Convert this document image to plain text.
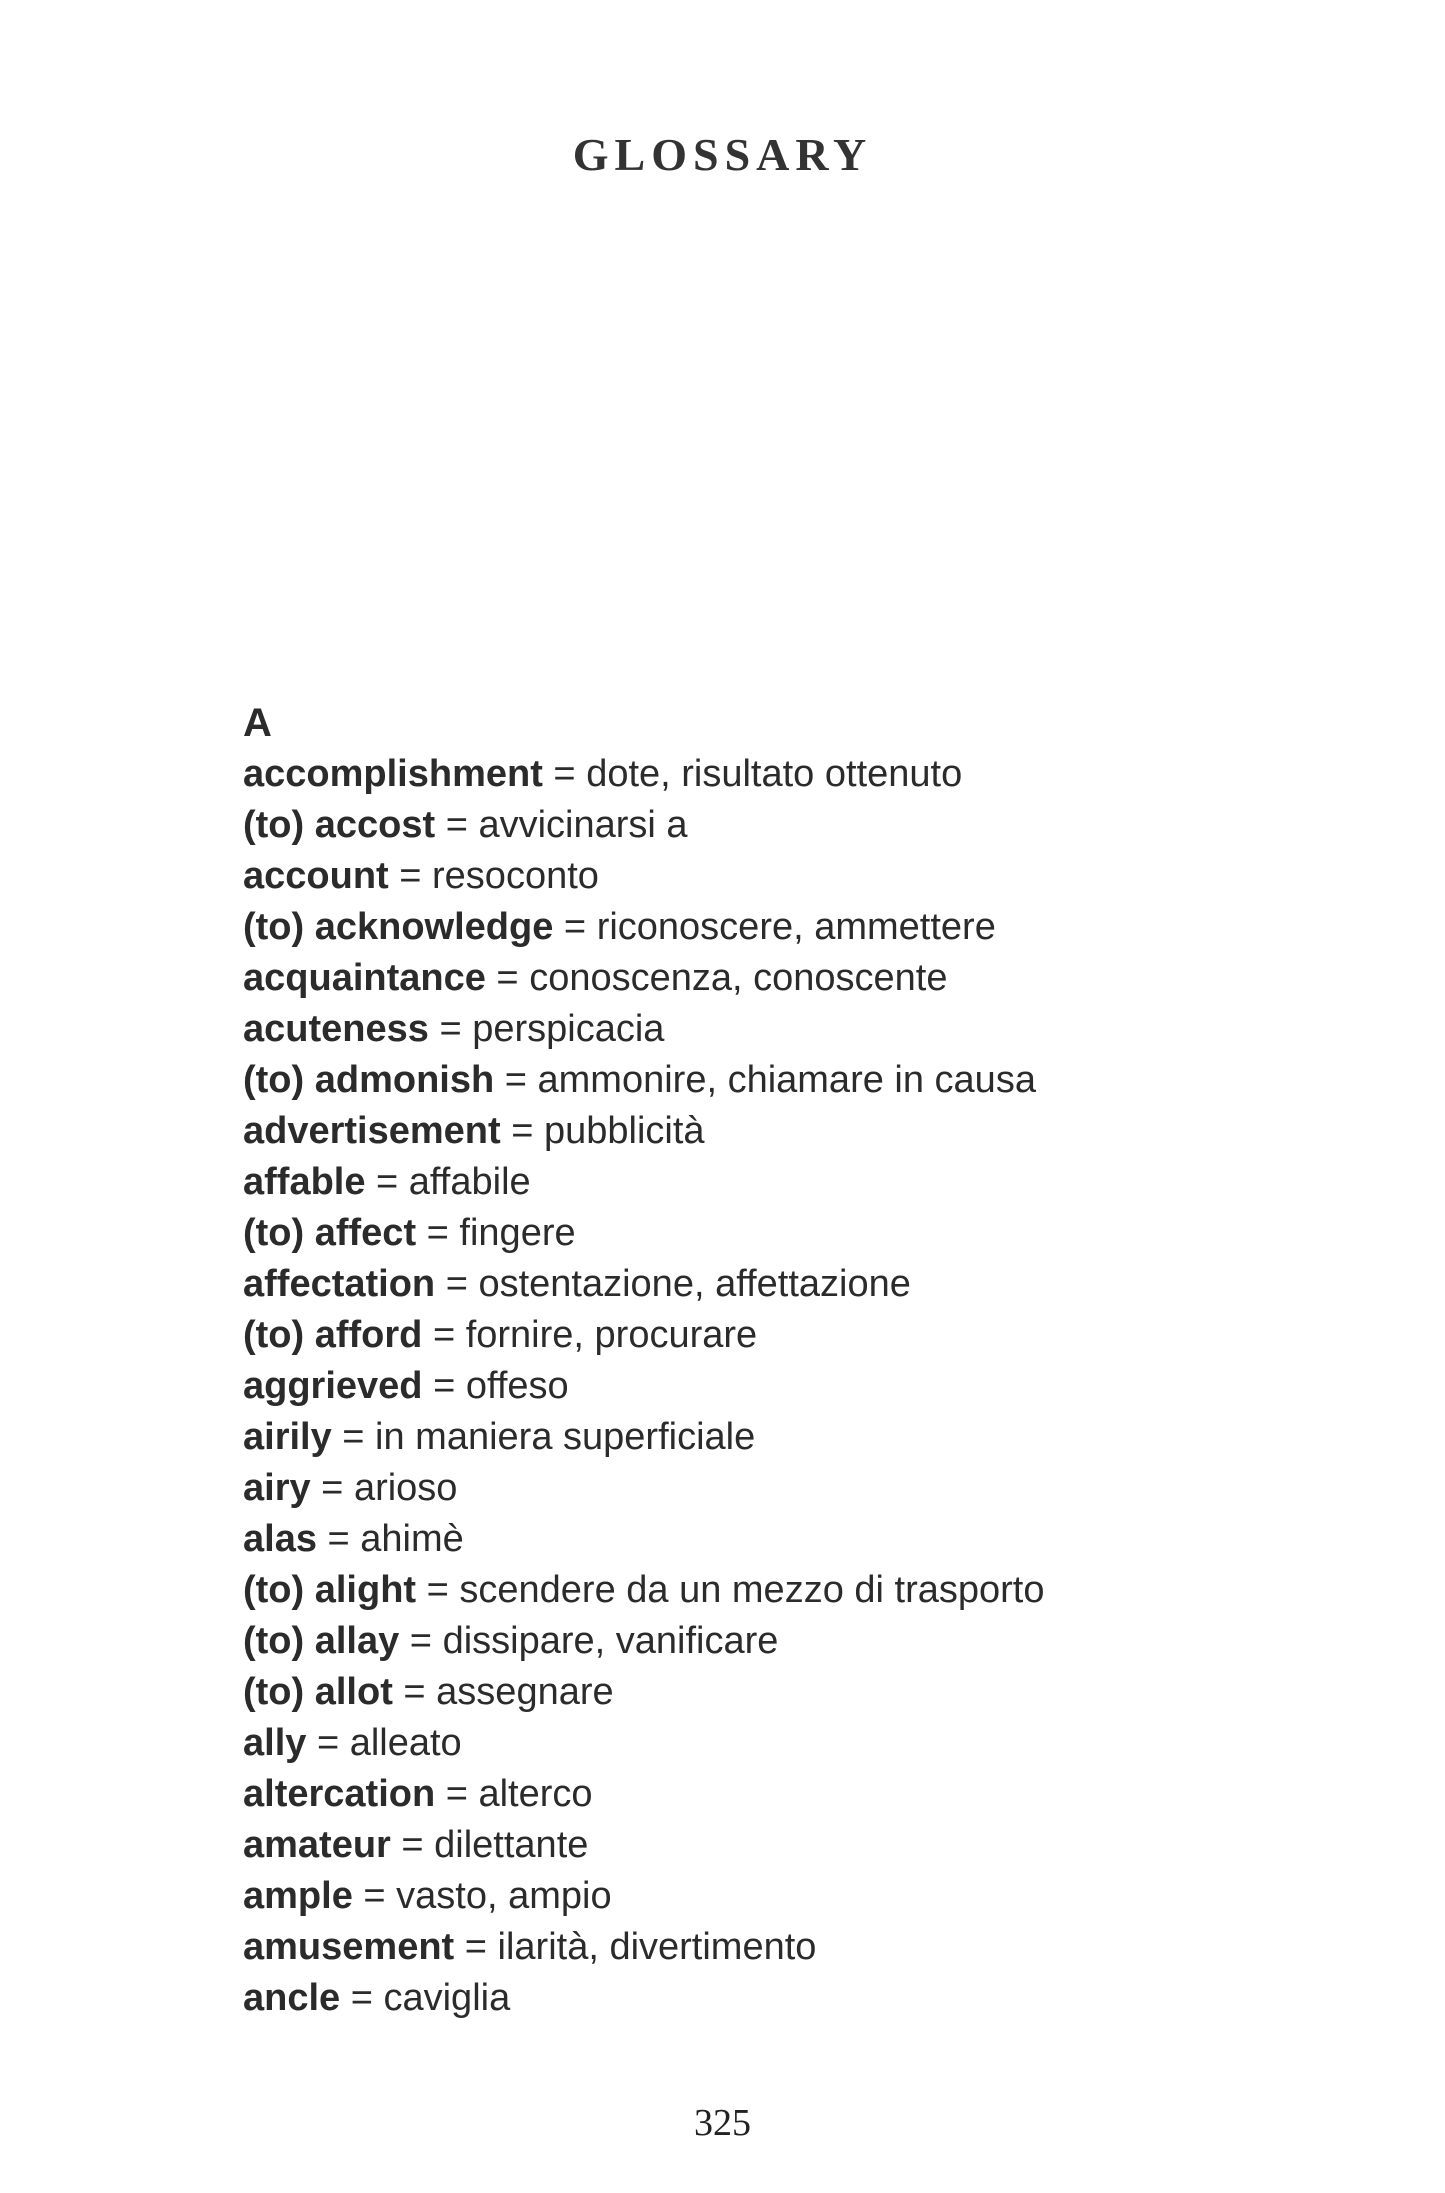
GLOSSARY
A
accomplishment = dote, risultato ottenuto
(to) accost = avvicinarsi a
account = resoconto
(to) acknowledge = riconoscere, ammettere
acquaintance = conoscenza, conoscente
acuteness = perspicacia
(to) admonish = ammonire, chiamare in causa
advertisement = pubblicità
affable = affabile
(to) affect = fingere
affectation = ostentazione, affettazione
(to) afford = fornire, procurare
aggrieved = offeso
airily = in maniera superficiale
airy = arioso
alas = ahimè
(to) alight = scendere da un mezzo di trasporto
(to) allay = dissipare, vanificare
(to) allot = assegnare
ally = alleato
altercation = alterco
amateur = dilettante
ample = vasto, ampio
amusement = ilarità, divertimento
ancle = caviglia
325
